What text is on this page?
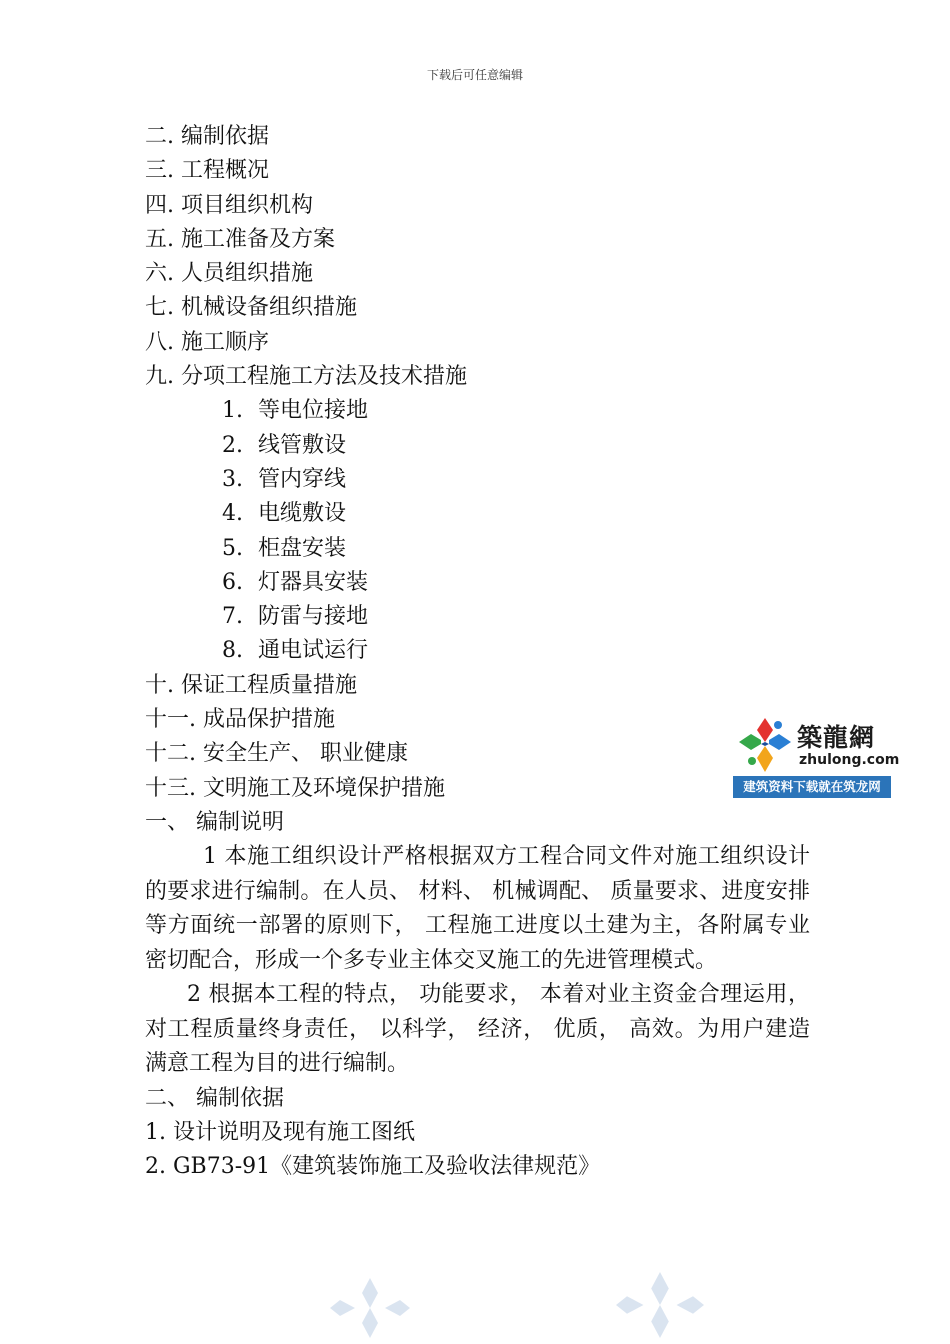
下载后可任意编辑
二. 编制依据
三. 工程概况
四. 项目组织机构
五. 施工准备及方案
六. 人员组织措施
七. 机械设备组织措施
八. 施工顺序
九. 分项工程施工方法及技术措施
1. 等电位接地
2. 线管敷设
3. 管内穿线
4. 电缆敷设
5. 柜盘安装
6. 灯器具安装
7. 防雷与接地
8. 通电试运行
十. 保证工程质量措施
十一. 成品保护措施
十二. 安全生产、 职业健康
十三. 文明施工及环境保护措施
一、 编制说明
1 本施工组织设计严格根据双方工程合同文件对施工组织设计的要求进行编制。在人员、 材料、 机械调配、 质量要求、进度安排等方面统一部署的原则下， 工程施工进度以土建为主，各附属专业密切配合，形成一个多专业主体交叉施工的先进管理模式。
2 根据本工程的特点， 功能要求， 本着对业主资金合理运用，对工程质量终身责任， 以科学， 经济， 优质， 高效。为用户建造满意工程为目的进行编制。
二、 编制依据
1. 设计说明及现有施工图纸
2. GB73-91《建筑装饰施工及验收法律规范》
築龍網
zhulong.com
建筑资料下载就在筑龙网
